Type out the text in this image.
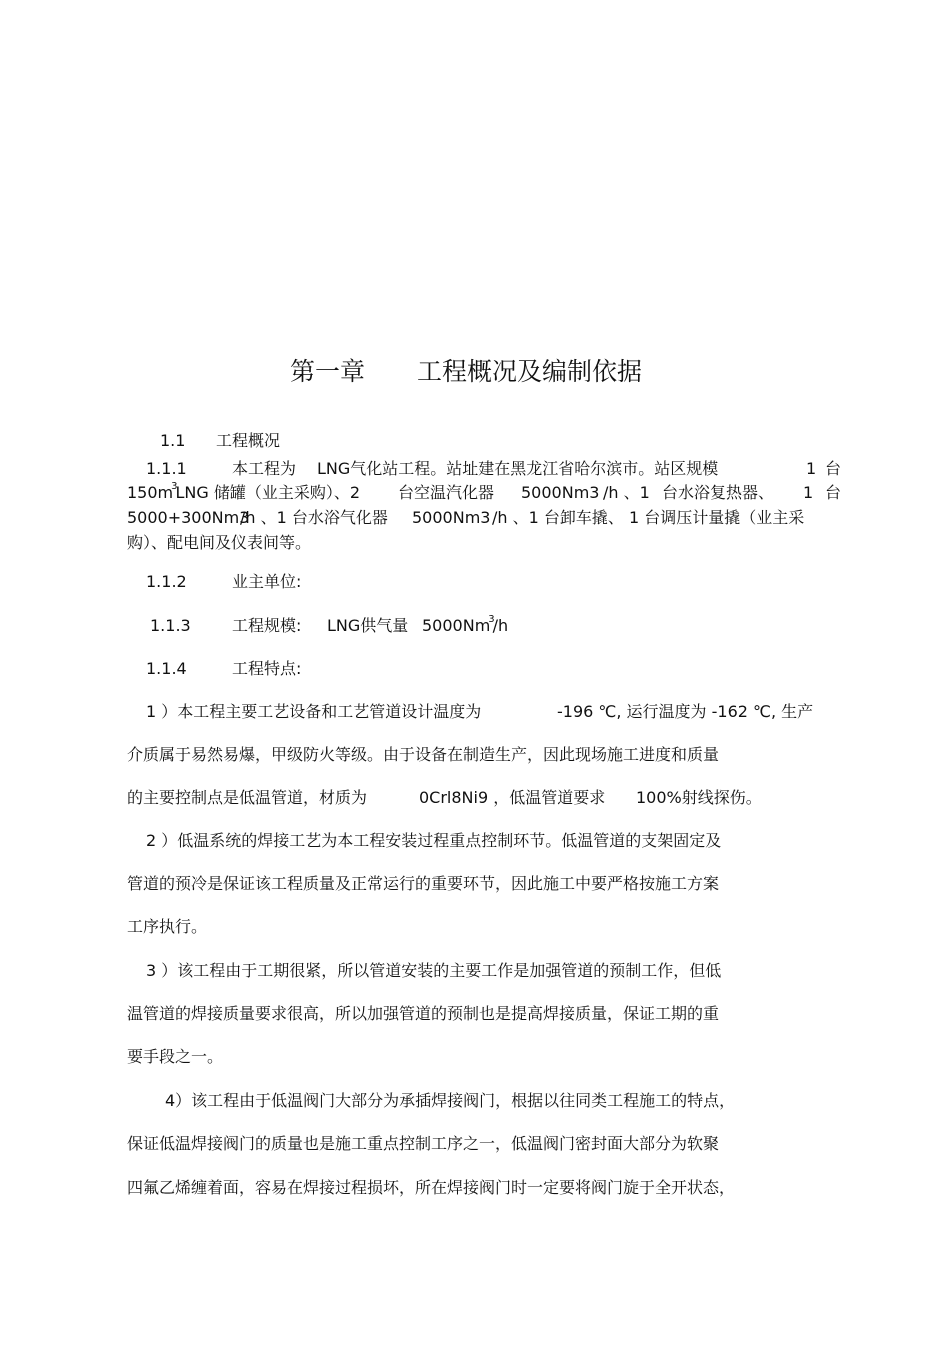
第一章 工程概况及编制依据
1.1 工程概况
1.1.1	本工程为 LNG气化站工程。站址建在黑龙江省哈尔滨市。站区规模	1 台
$150m^3LNG$ 储罐（业主采购）、2 台空温汽化器 5000Nm3 /h 、1 台水浴复热器、 1 台
5000+300Nm3
/h 、1 台水浴气化器 5000Nm3 /h 、1 台卸车撬、 1 台调压计量撬（业主采
购）、配电间及仪表间等。
1.1.2	业主单位:
1.1.3	工程规模: LNG供气量 5000Nm$^3$/h
1.1.4	工程特点:
1 ）本工程主要工艺设备和工艺管道设计温度为	-196 ℃, 运行温度为 -162 ℃, 生产
介质属于易然易爆，甲级防火等级。由于设备在制造生产，因此现场施工进度和质量
的主要控制点是低温管道，材质为	0Crl8Ni9 ，低温管道要求 100%射线探伤。
2 ）低温系统的焊接工艺为本工程安装过程重点控制环节。低温管道的支架固定及
管道的预冷是保证该工程质量及正常运行的重要环节，因此施工中要严格按施工方案
工序执行。
3 ）该工程由于工期很紧，所以管道安装的主要工作是加强管道的预制工作，但低
温管道的焊接质量要求很高，所以加强管道的预制也是提高焊接质量，保证工期的重
要手段之一。
4）该工程由于低温阀门大部分为承插焊接阀门，根据以往同类工程施工的特点，
保证低温焊接阀门的质量也是施工重点控制工序之一，低温阀门密封面大部分为软聚
四氟乙烯缠着面，容易在焊接过程损坏，所在焊接阀门时一定要将阀门旋于全开状态，
